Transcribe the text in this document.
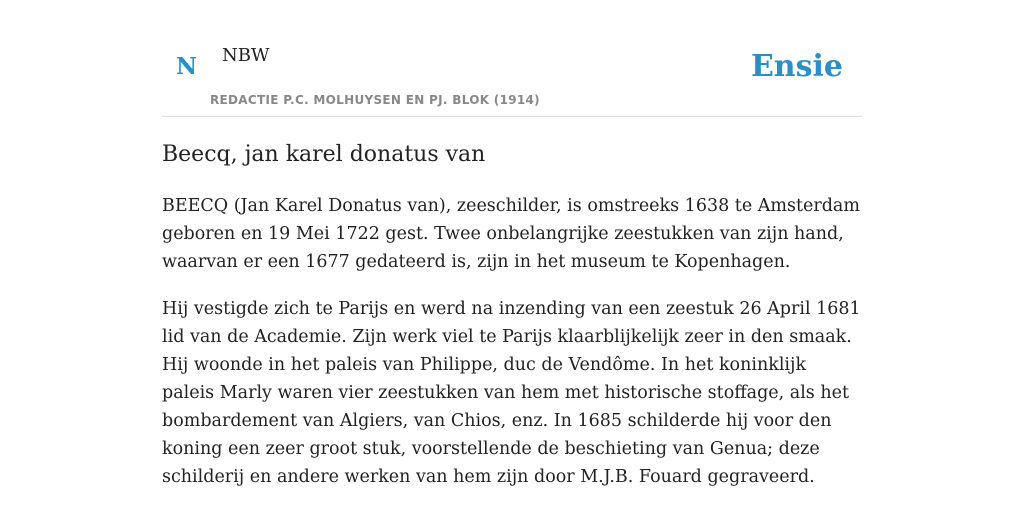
N NBW
REDACTIE P.C. MOLHUYSEN EN PJ. BLOK (1914)
Ensie
Beecq, jan karel donatus van

BEECQ (Jan Karel Donatus van), zeeschilder, is omstreeks 1638 te Amsterdam geboren en 19 Mei 1722 gest. Twee onbelangrijke zeestukken van zijn hand, waarvan er een 1677 gedateerd is, zijn in het museum te Kopenhagen.

Hij vestigde zich te Parijs en werd na inzending van een zeestuk 26 April 1681 lid van de Academie. Zijn werk viel te Parijs klaarblijkelijk zeer in den smaak. Hij woonde in het paleis van Philippe, duc de Vendôme. In het koninklijk paleis Marly waren vier zeestukken van hem met historische stoffage, als het bombardement van Algiers, van Chios, enz. In 1685 schilderde hij voor den koning een zeer groot stuk, voorstellende de beschieting van Genua; deze schilderij en andere werken van hem zijn door M.J.B. Fouard gegraveerd.
